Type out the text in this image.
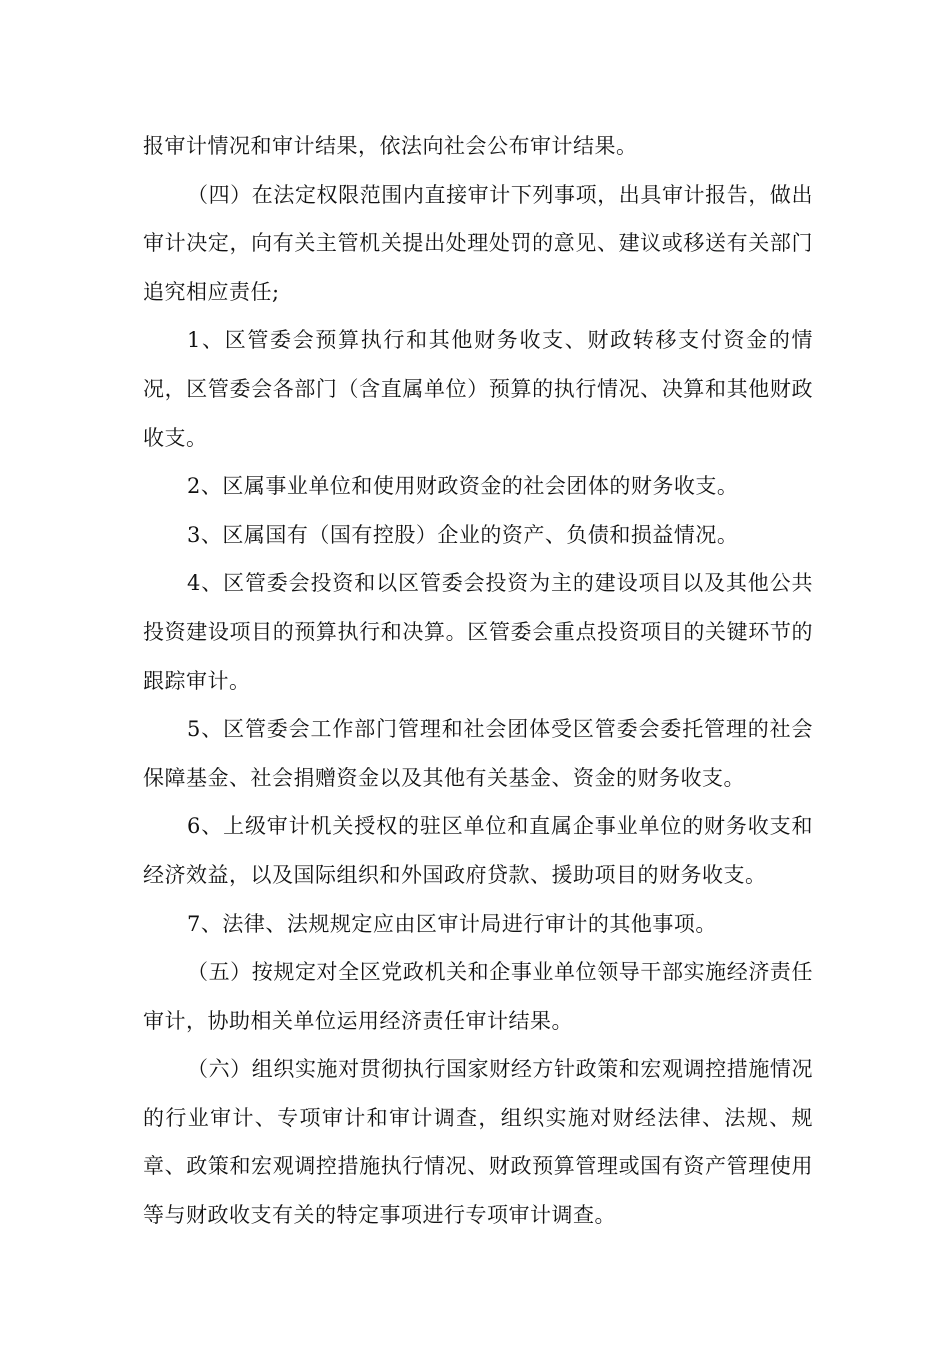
报审计情况和审计结果，依法向社会公布审计结果。

（四）在法定权限范围内直接审计下列事项，出具审计报告，做出审计决定，向有关主管机关提出处理处罚的意见、建议或移送有关部门追究相应责任;

1、区管委会预算执行和其他财务收支、财政转移支付资金的情况，区管委会各部门（含直属单位）预算的执行情况、决算和其他财政收支。

2、区属事业单位和使用财政资金的社会团体的财务收支。

3、区属国有（国有控股）企业的资产、负债和损益情况。

4、区管委会投资和以区管委会投资为主的建设项目以及其他公共投资建设项目的预算执行和决算。区管委会重点投资项目的关键环节的跟踪审计。

5、区管委会工作部门管理和社会团体受区管委会委托管理的社会保障基金、社会捐赠资金以及其他有关基金、资金的财务收支。

6、上级审计机关授权的驻区单位和直属企事业单位的财务收支和经济效益，以及国际组织和外国政府贷款、援助项目的财务收支。

7、法律、法规规定应由区审计局进行审计的其他事项。

（五）按规定对全区党政机关和企事业单位领导干部实施经济责任审计，协助相关单位运用经济责任审计结果。

（六）组织实施对贯彻执行国家财经方针政策和宏观调控措施情况的行业审计、专项审计和审计调查，组织实施对财经法律、法规、规章、政策和宏观调控措施执行情况、财政预算管理或国有资产管理使用等与财政收支有关的特定事项进行专项审计调查。
